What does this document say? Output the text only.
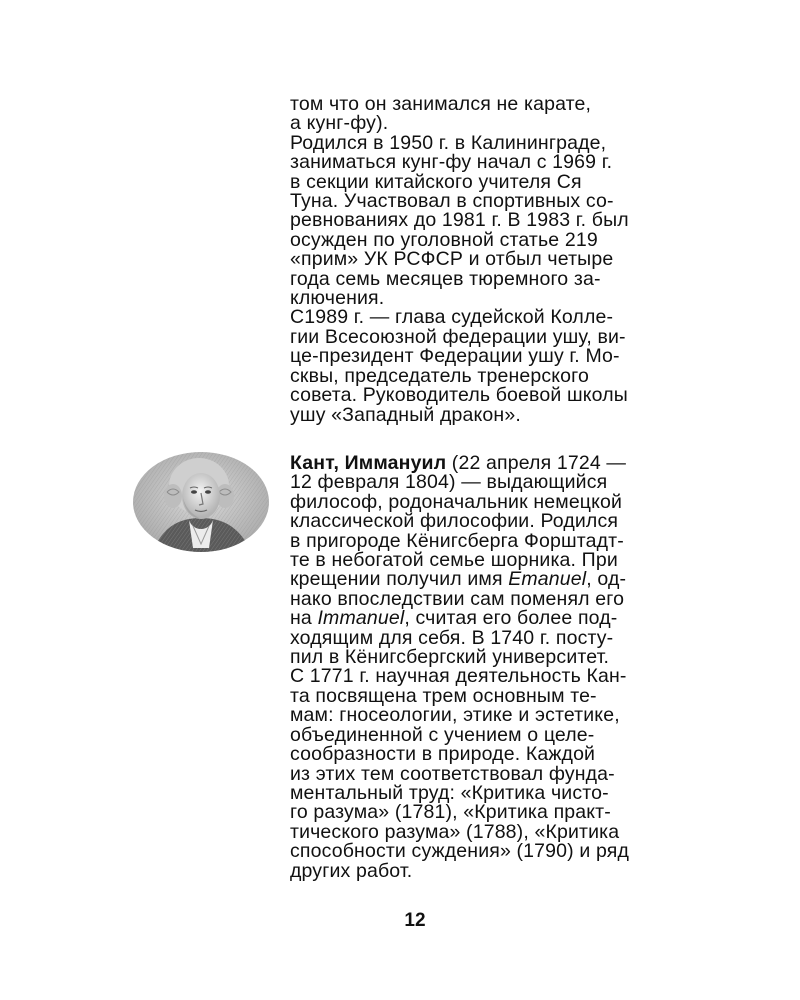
том что он занимался не карате,
а кунг-фу).
Родился в 1950 г. в Калининграде,
заниматься кунг-фу начал с 1969 г.
в секции китайского учителя Ся
Туна. Участвовал в спортивных со-
ревнованиях до 1981 г. В 1983 г. был
осужден по уголовной статье 219
«прим» УК РСФСР и отбыл четыре
года семь месяцев тюремного за-
ключения.
С1989 г. — глава судейской Колле-
гии Всесоюзной федерации ушу, ви-
це-президент Федерации ушу г. Мо-
сквы, председатель тренерского
совета. Руководитель боевой школы
ушу «Западный дракон».
Кант, Иммануил (22 апреля 1724 —
12 февраля 1804) — выдающийся
философ, родоначальник немецкой
классической философии. Родился
в пригороде Кёнигсберга Форштадт-
те в небогатой семье шорника. При
крещении получил имя Emanuel, од-
нако впоследствии сам поменял его
на Immanuel, считая его более под-
ходящим для себя. В 1740 г. посту-
пил в Кёнигсбергский университет.
С 1771 г. научная деятельность Кан-
та посвящена трем основным те-
мам: гносеологии, этике и эстетике,
объединенной с учением о целе-
сообразности в природе. Каждой
из этих тем соответствовал фунда-
ментальный труд: «Критика чисто-
го разума» (1781), «Критика практ-
тического разума» (1788), «Критика
способности суждения» (1790) и ряд
других работ.
12
